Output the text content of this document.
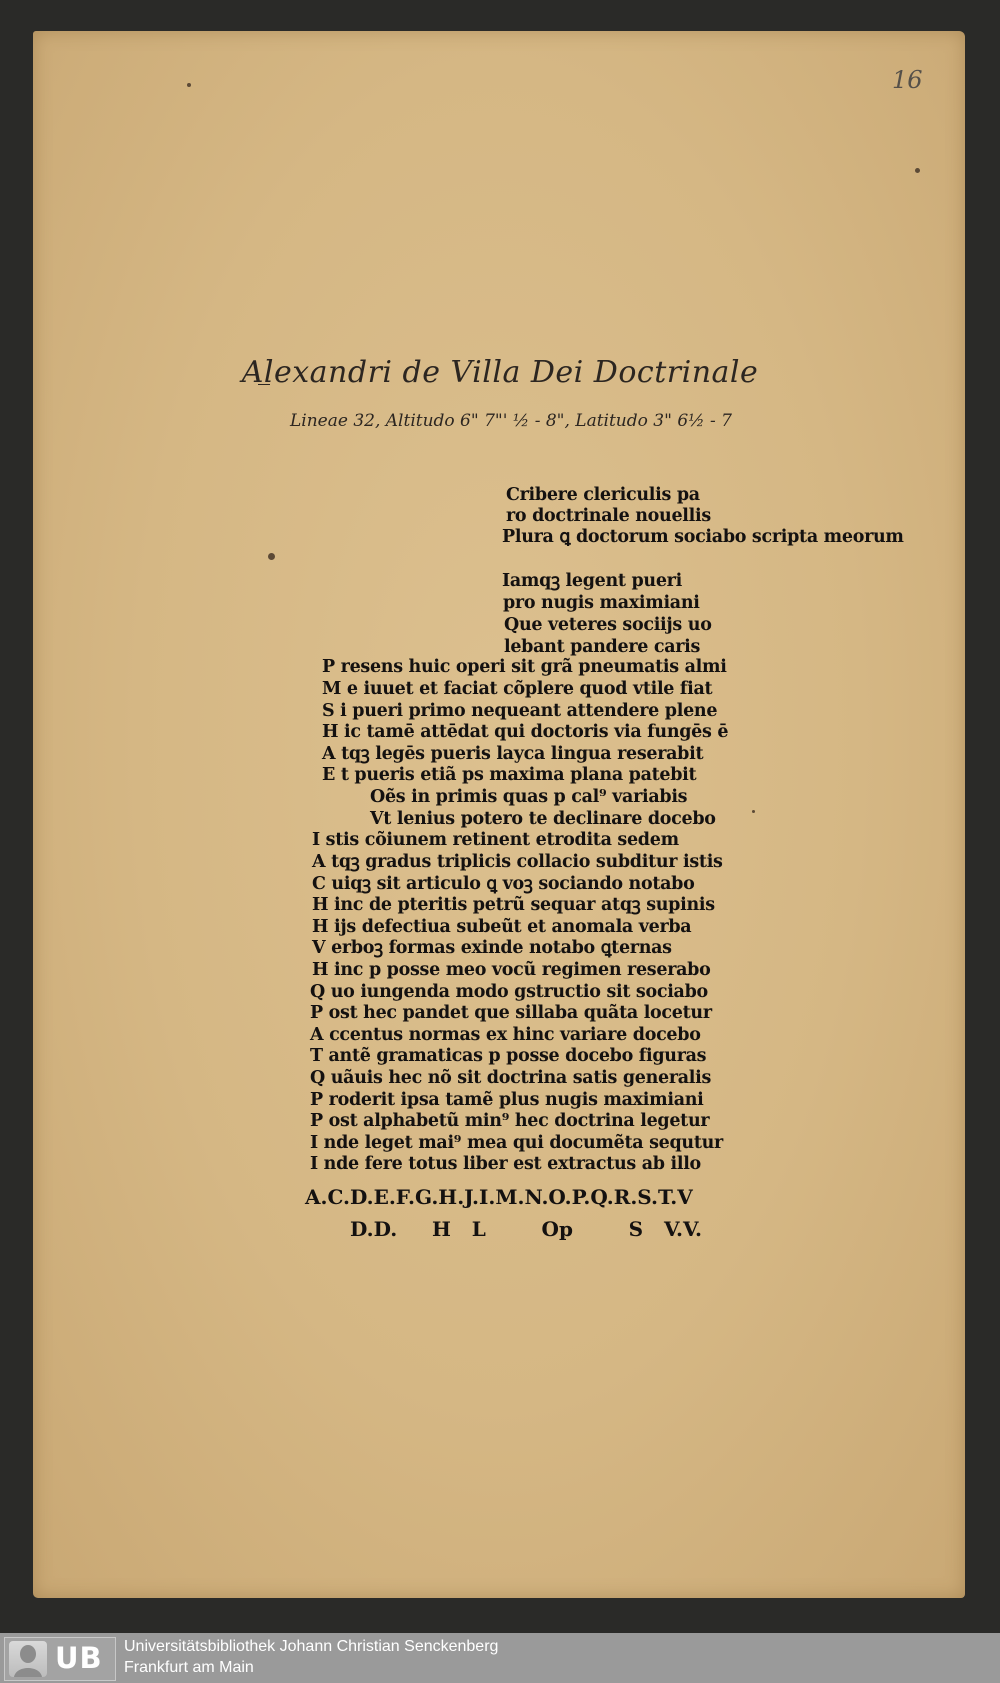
16
Alexandri de Villa Dei Doctrinale
Lineae 32, Altitudo 6" 7"' ½ - 8", Latitudo 3" 6½ - 7
Cribere clericulis pa
ro doctrinale nouellis
Plura ꝗ doctorum sociabo scripta meorum
Iamqꝫ legent pueri
pro nugis maximiani
Que veteres sociijs uo
lebant pandere caris
P resens huic operi sit grã pneumatis almi
M e iuuet et faciat cõplere quod vtile fiat
S i pueri primo nequeant attendere plene
H ic tamē attēdat qui doctoris via fungēs ē
A tqꝫ legēs pueris layca lingua reserabit
E t pueris etiã ps maxima plana patebit
Oẽs in primis quas p cal⁹ variabis
Vt lenius potero te declinare docebo
I stis cõiunem retinent etrodita sedem
A tqꝫ gradus triplicis collacio subditur istis
C uiqꝫ sit articulo ꝗ voꝫ sociando notabo
H inc de pteritis petrũ sequar atqꝫ supinis
H ijs defectiua subeũt et anomala verba
V erboꝫ formas exinde notabo ꝗternas
H inc p posse meo vocũ regimen reserabo
Q uo iungenda modo gstructio sit sociabo
P ost hec pandet que sillaba quãta locetur
A ccentus normas ex hinc variare docebo
T antẽ gramaticas p posse docebo figuras
Q uãuis hec nõ sit doctrina satis generalis
P roderit ipsa tamẽ plus nugis maximiani
P ost alphabetũ min⁹ hec doctrina legetur
I nde leget mai⁹ mea qui documẽta sequtur
I nde fere totus liber est extractus ab illo
A.C.D.E.F.G.H.J.I.M.N.O.P.Q.R.S.T.V
D.D.     H   L        Op        S   V.V.
UB Universitätsbibliothek Johann Christian Senckenberg
Frankfurt am Main
